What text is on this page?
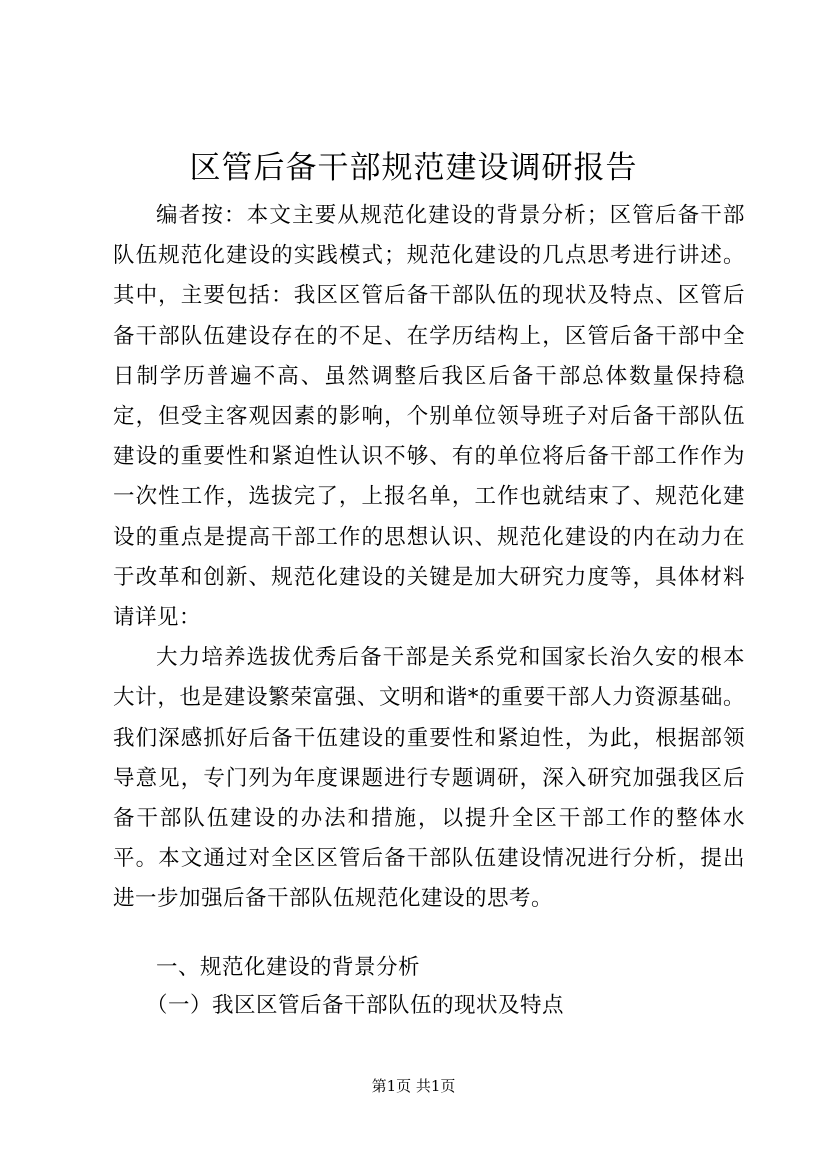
区管后备干部规范建设调研报告

编者按：本文主要从规范化建设的背景分析；区管后备干部队伍规范化建设的实践模式；规范化建设的几点思考进行讲述。其中，主要包括：我区区管后备干部队伍的现状及特点、区管后备干部队伍建设存在的不足、在学历结构上，区管后备干部中全日制学历普遍不高、虽然调整后我区后备干部总体数量保持稳定，但受主客观因素的影响，个别单位领导班子对后备干部队伍建设的重要性和紧迫性认识不够、有的单位将后备干部工作作为一次性工作，选拔完了，上报名单，工作也就结束了、规范化建设的重点是提高干部工作的思想认识、规范化建设的内在动力在于改革和创新、规范化建设的关键是加大研究力度等，具体材料请详见：

大力培养选拔优秀后备干部是关系党和国家长治久安的根本大计，也是建设繁荣富强、文明和谐*的重要干部人力资源基础。我们深感抓好后备干伍建设的重要性和紧迫性，为此，根据部领导意见，专门列为年度课题进行专题调研，深入研究加强我区后备干部队伍建设的办法和措施，以提升全区干部工作的整体水平。本文通过对全区区管后备干部队伍建设情况进行分析，提出进一步加强后备干部队伍规范化建设的思考。

一、规范化建设的背景分析

（一）我区区管后备干部队伍的现状及特点

第1页 共1页
